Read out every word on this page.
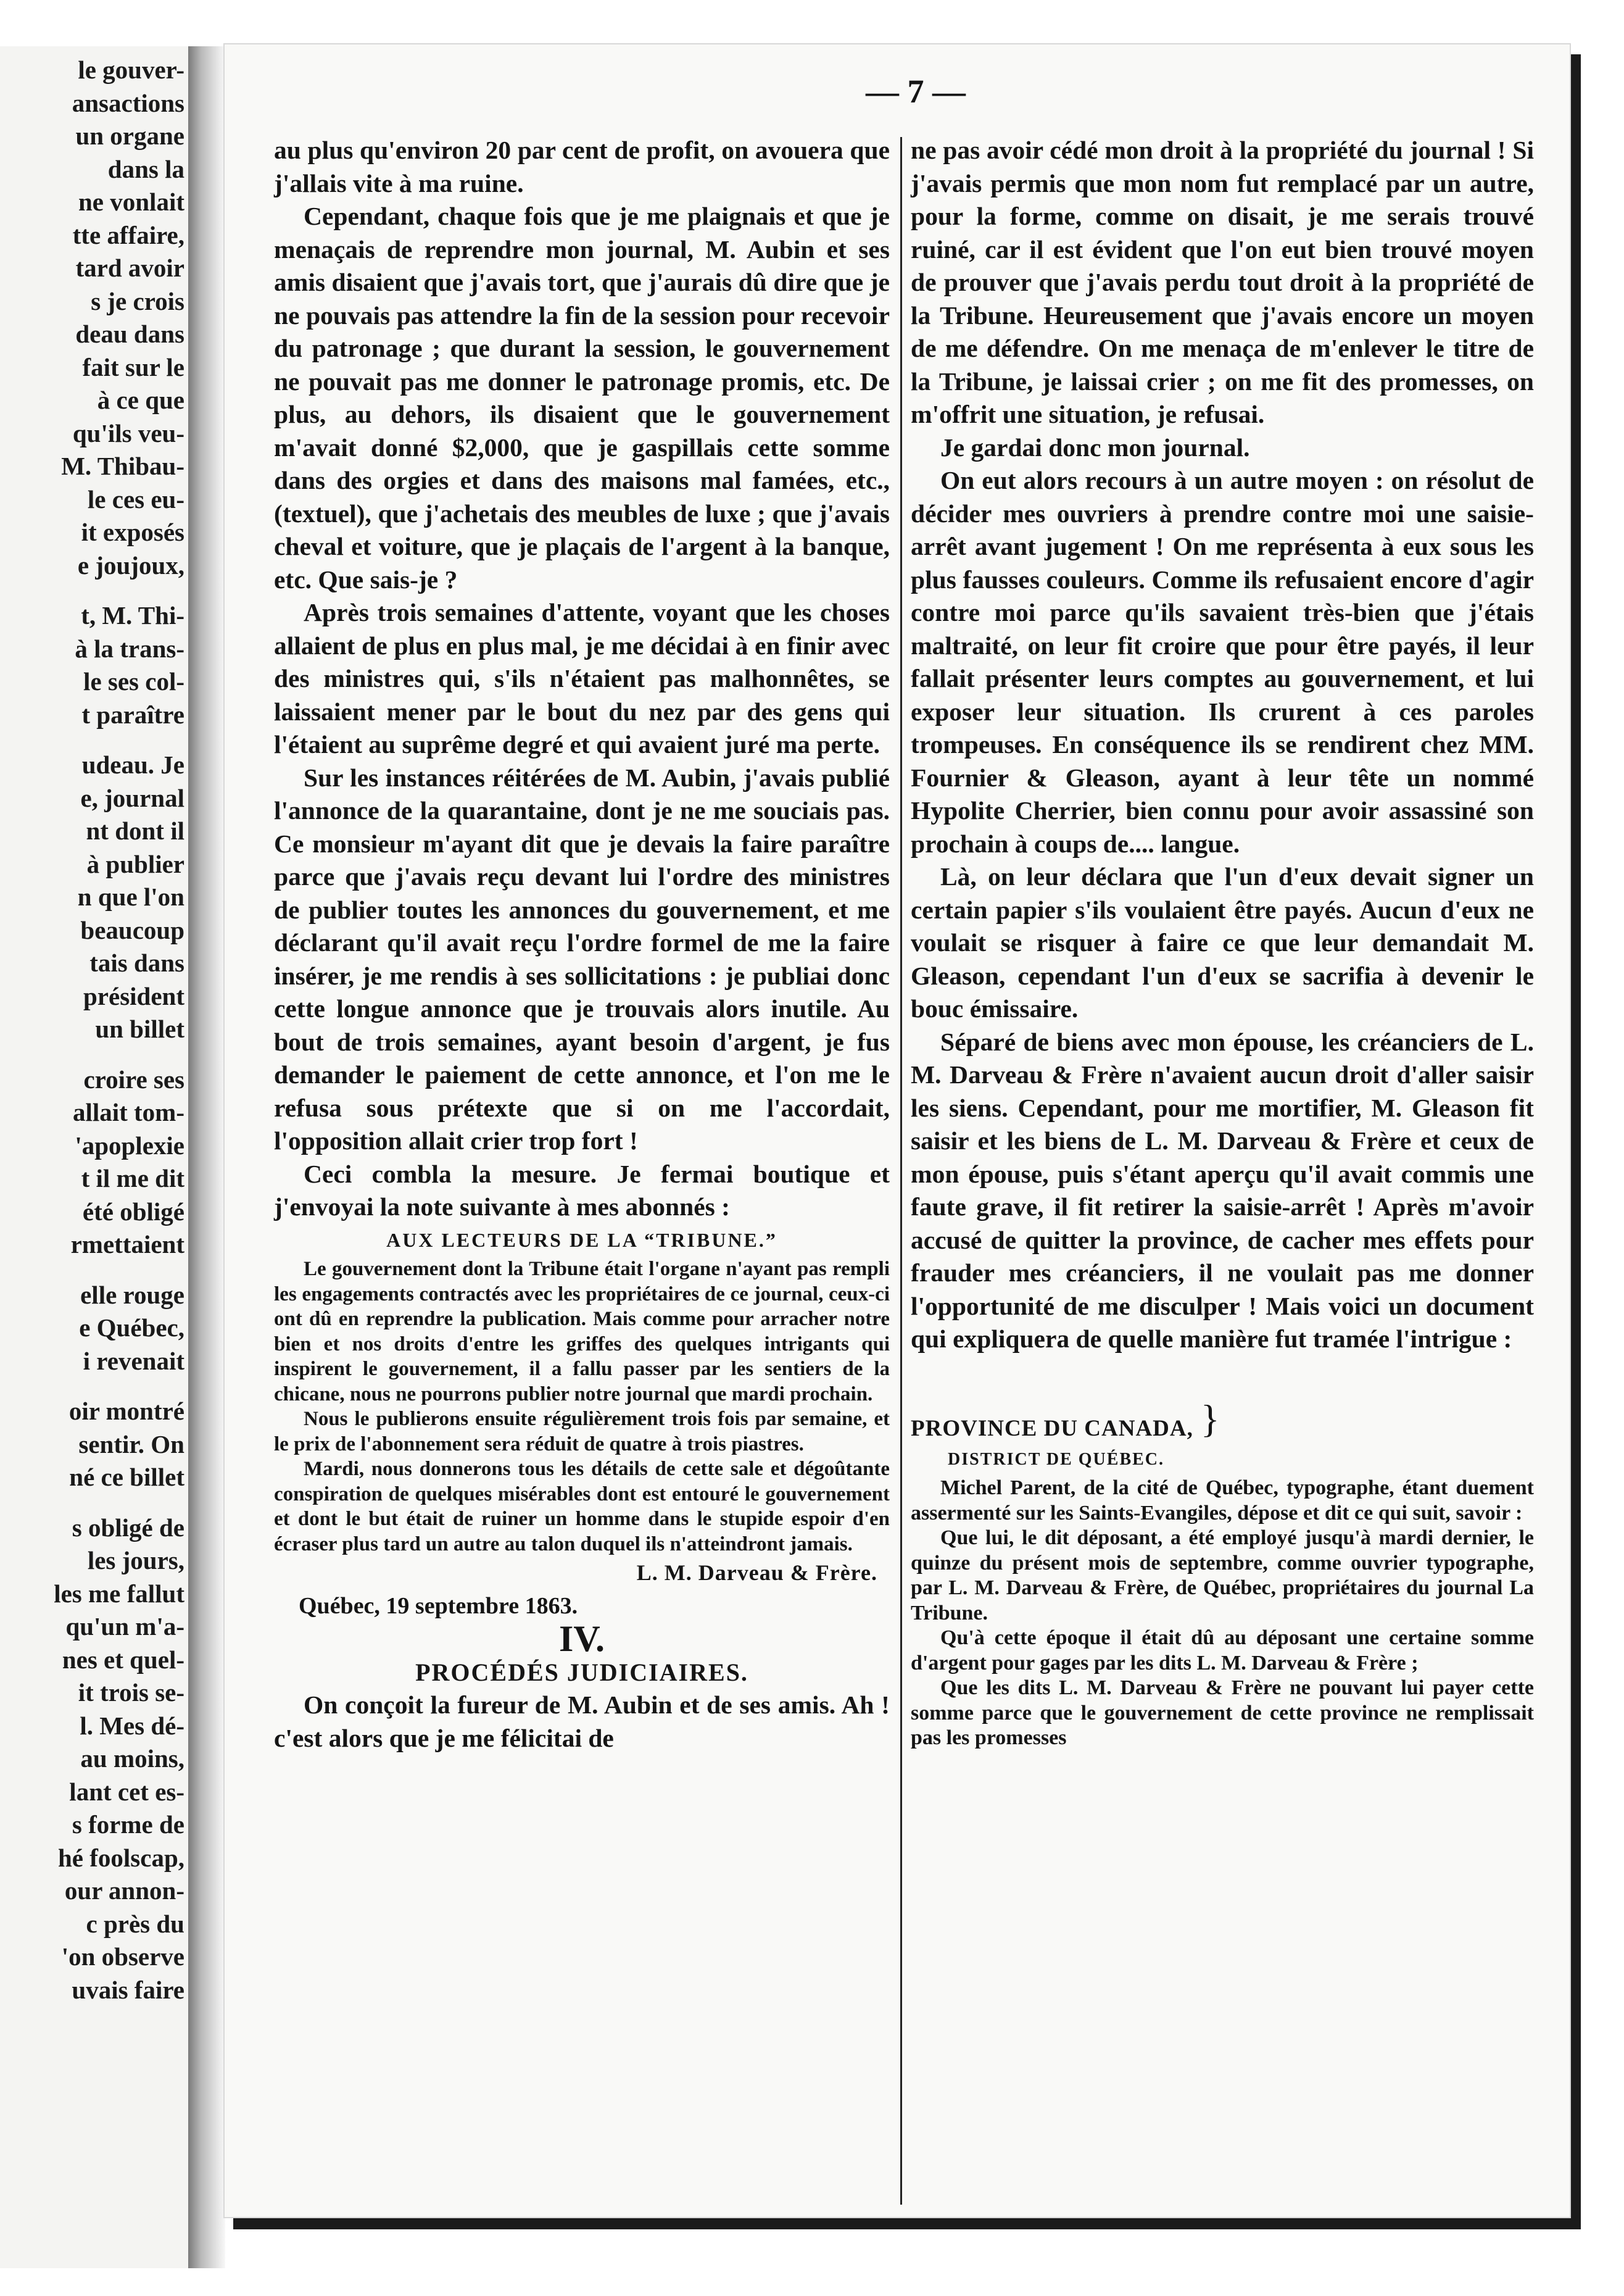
le gouver-
ansactions
un organe
dans la
ne vonlait
tte affaire,
tard avoir
s je crois
deau dans
fait sur le
à ce que
qu'ils veu-
M. Thibau-
le ces eu-
it exposés
e joujoux,
t, M. Thi-
à la trans-
le ses col-
t paraître
udeau. Je
e, journal
nt dont il
à publier
n que l'on
beaucoup
tais dans
président
un billet
croire ses
allait tom-
'apoplexie
t il me dit
été obligé
rmettaient
elle rouge
e Québec,
i revenait
oir montré
sentir. On
né ce billet
s obligé de
les jours,
les me fallut
qu'un m'a-
nes et quel-
it trois se-
l. Mes dé-
au moins,
lant cet es-
s forme de
hé foolscap,
our annon-
c près du
'on observe
uvais faire
— 7 —

au plus qu'environ 20 par cent de profit, on avouera que j'allais vite à ma ruine.

Cependant, chaque fois que je me plaignais et que je menaçais de reprendre mon journal, M. Aubin et ses amis disaient que j'avais tort, que j'aurais dû dire que je ne pouvais pas attendre la fin de la session pour recevoir du patronage ; que durant la session, le gouvernement ne pouvait pas me donner le patronage promis, etc. De plus, au dehors, ils disaient que le gouvernement m'avait donné $2,000, que je gaspillais cette somme dans des orgies et dans des maisons mal famées, etc., (textuel), que j'achetais des meubles de luxe ; que j'avais cheval et voiture, que je plaçais de l'argent à la banque, etc. Que sais-je ?

Après trois semaines d'attente, voyant que les choses allaient de plus en plus mal, je me décidai à en finir avec des ministres qui, s'ils n'étaient pas malhonnêtes, se laissaient mener par le bout du nez par des gens qui l'étaient au suprême degré et qui avaient juré ma perte.

Sur les instances réitérées de M. Aubin, j'avais publié l'annonce de la quarantaine, dont je ne me souciais pas. Ce monsieur m'ayant dit que je devais la faire paraître parce que j'avais reçu devant lui l'ordre des ministres de publier toutes les annonces du gouvernement, et me déclarant qu'il avait reçu l'ordre formel de me la faire insérer, je me rendis à ses sollicitations : je publiai donc cette longue annonce que je trouvais alors inutile. Au bout de trois semaines, ayant besoin d'argent, je fus demander le paiement de cette annonce, et l'on me le refusa sous prétexte que si on me l'accordait, l'opposition allait crier trop fort !

Ceci combla la mesure. Je fermai boutique et j'envoyai la note suivante à mes abonnés :

AUX LECTEURS DE LA “TRIBUNE.”

Le gouvernement dont la Tribune était l'organe n'ayant pas rempli les engagements contractés avec les propriétaires de ce journal, ceux-ci ont dû en reprendre la publication. Mais comme pour arracher notre bien et nos droits d'entre les griffes des quelques intrigants qui inspirent le gouvernement, il a fallu passer par les sentiers de la chicane, nous ne pourrons publier notre journal que mardi prochain.

Nous le publierons ensuite régulièrement trois fois par semaine, et le prix de l'abonnement sera réduit de quatre à trois piastres.

Mardi, nous donnerons tous les détails de cette sale et dégoûtante conspiration de quelques misérables dont est entouré le gouvernement et dont le but était de ruiner un homme dans le stupide espoir d'en écraser plus tard un autre au talon duquel ils n'atteindront jamais.

L. M. Darveau & Frère.

Québec, 19 septembre 1863.

IV.

PROCÉDÉS JUDICIAIRES.

On conçoit la fureur de M. Aubin et de ses amis. Ah ! c'est alors que je me félicitai de

ne pas avoir cédé mon droit à la propriété du journal ! Si j'avais permis que mon nom fut remplacé par un autre, pour la forme, comme on disait, je me serais trouvé ruiné, car il est évident que l'on eut bien trouvé moyen de prouver que j'avais perdu tout droit à la propriété de la Tribune. Heureusement que j'avais encore un moyen de me défendre. On me menaça de m'enlever le titre de la Tribune, je laissai crier ; on me fit des promesses, on m'offrit une situation, je refusai.

Je gardai donc mon journal.

On eut alors recours à un autre moyen : on résolut de décider mes ouvriers à prendre contre moi une saisie-arrêt avant jugement ! On me représenta à eux sous les plus fausses couleurs. Comme ils refusaient encore d'agir contre moi parce qu'ils savaient très-bien que j'étais maltraité, on leur fit croire que pour être payés, il leur fallait présenter leurs comptes au gouvernement, et lui exposer leur situation. Ils crurent à ces paroles trompeuses. En conséquence ils se rendirent chez MM. Fournier & Gleason, ayant à leur tête un nommé Hypolite Cherrier, bien connu pour avoir assassiné son prochain à coups de.... langue.

Là, on leur déclara que l'un d'eux devait signer un certain papier s'ils voulaient être payés. Aucun d'eux ne voulait se risquer à faire ce que leur demandait M. Gleason, cependant l'un d'eux se sacrifia à devenir le bouc émissaire.

Séparé de biens avec mon épouse, les créanciers de L. M. Darveau & Frère n'avaient aucun droit d'aller saisir les siens. Cependant, pour me mortifier, M. Gleason fit saisir et les biens de L. M. Darveau & Frère et ceux de mon épouse, puis s'étant aperçu qu'il avait commis une faute grave, il fit retirer la saisie-arrêt ! Après m'avoir accusé de quitter la province, de cacher mes effets pour frauder mes créanciers, il ne voulait pas me donner l'opportunité de me disculper ! Mais voici un document qui expliquera de quelle manière fut tramée l'intrigue :

PROVINCE DU CANADA, }
DISTRICT DE QUÉBEC.

Michel Parent, de la cité de Québec, typographe, étant duement assermenté sur les Saints-Evangiles, dépose et dit ce qui suit, savoir :

Que lui, le dit déposant, a été employé jusqu'à mardi dernier, le quinze du présent mois de septembre, comme ouvrier typographe, par L. M. Darveau & Frère, de Québec, propriétaires du journal La Tribune.

Qu'à cette époque il était dû au déposant une certaine somme d'argent pour gages par les dits L. M. Darveau & Frère ;

Que les dits L. M. Darveau & Frère ne pouvant lui payer cette somme parce que le gouvernement de cette province ne remplissait pas les promesses
